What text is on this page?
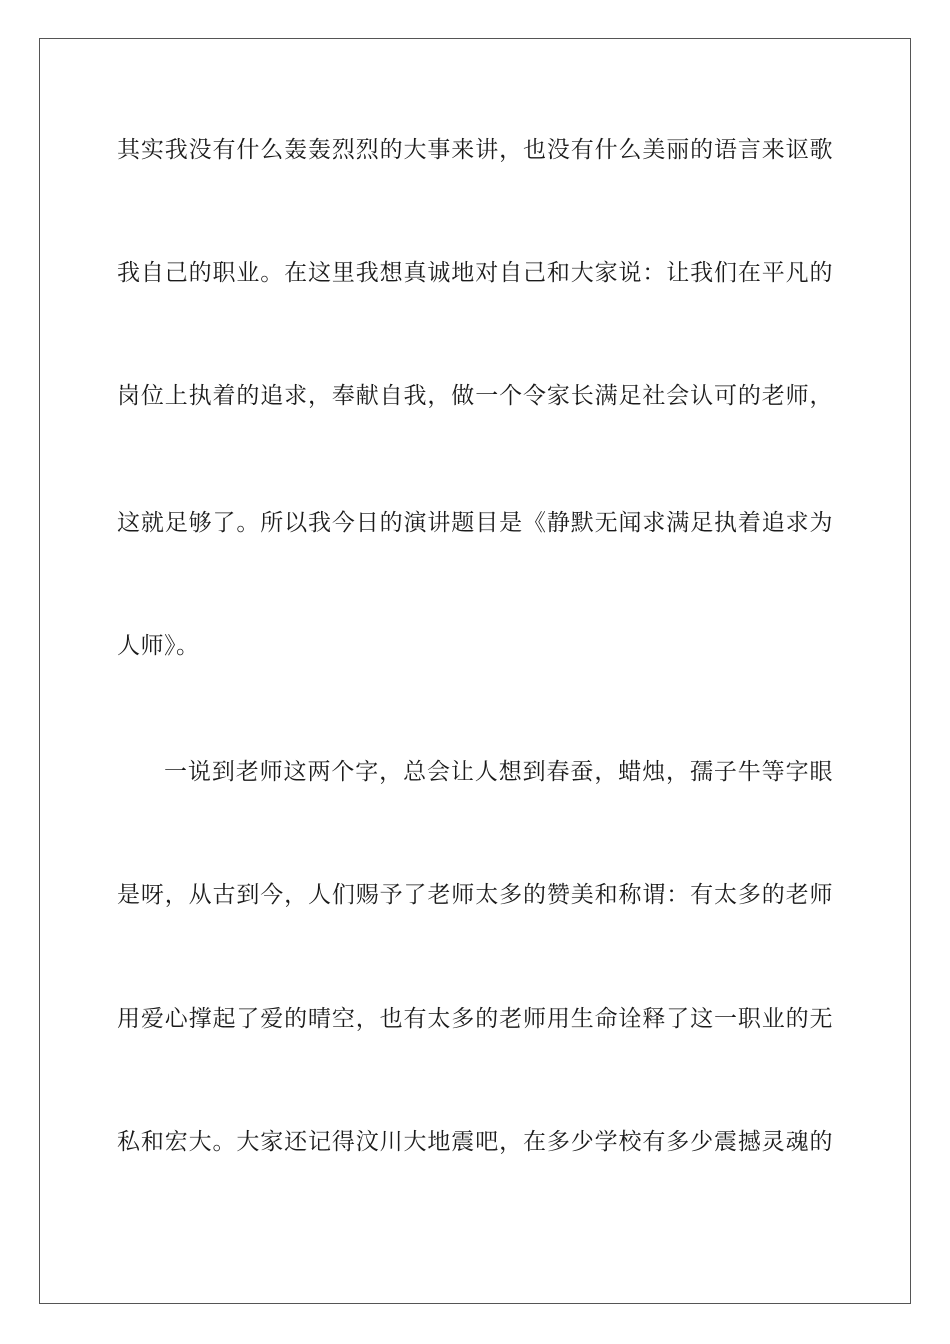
其实我没有什么轰轰烈烈的大事来讲，也没有什么美丽的语言来讴歌
我自己的职业。在这里我想真诚地对自己和大家说：让我们在平凡的
岗位上执着的追求，奉献自我，做一个令家长满足社会认可的老师，
这就足够了。所以我今日的演讲题目是《静默无闻求满足执着追求为
人师》。
一说到老师这两个字，总会让人想到春蚕，蜡烛，孺子牛等字眼
是呀，从古到今，人们赐予了老师太多的赞美和称谓：有太多的老师
用爱心撑起了爱的晴空，也有太多的老师用生命诠释了这一职业的无
私和宏大。大家还记得汶川大地震吧，在多少学校有多少震撼灵魂的
